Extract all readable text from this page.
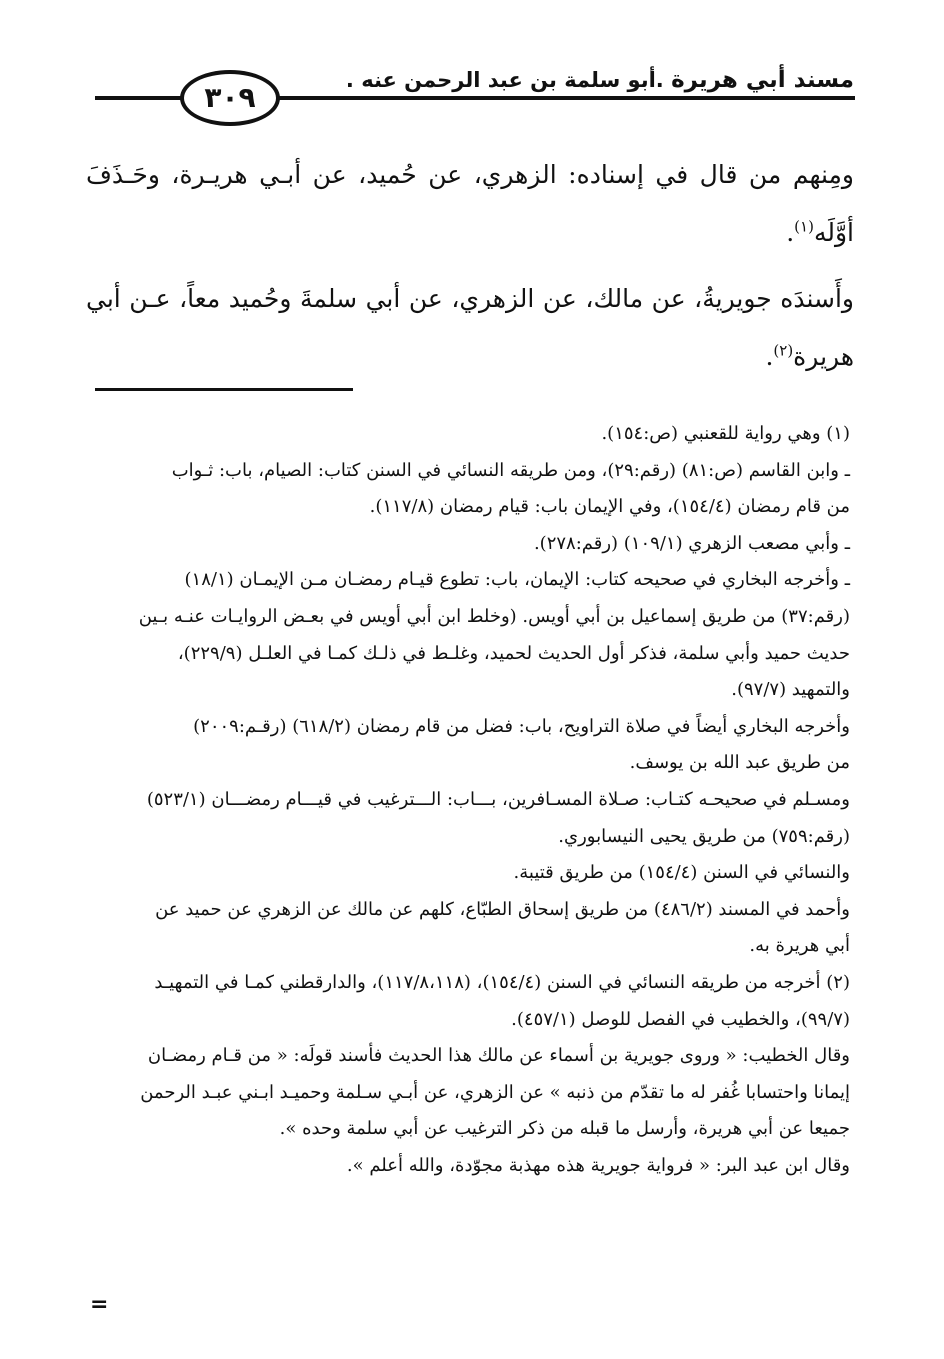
مسند أبي هريرة .أبو سلمة بن عبد الرحمن عنه .
٣٠٩

ومِنهم من قال في إسناده: الزهري، عن حُميد، عن أبـي هريـرة، وحَـذَفَ أوَّلَه$^{(١)}$.

وأَسندَه جويريةُ، عن مالك، عن الزهري، عن أبي سلمةَ وحُميد معاً، عـن أبي هريرة$^{(٢)}$.

(١) وهي رواية للقعنبي (ص:١٥٤).

ـ وابن القاسم (ص:٨١) (رقم:٢٩)، ومن طريقه النسائي في السنن كتاب: الصيام، باب: ثـواب

من قام رمضان (١٥٤/٤)، وفي الإيمان باب: قيام رمضان (١١٧/٨).

ـ وأبي مصعب الزهري (١٠٩/١) (رقم:٢٧٨).

ـ وأخرجه البخاري في صحيحه كتاب: الإيمان، باب: تطوع قيـام رمضـان مـن الإيمـان (١٨/١)

(رقم:٣٧) من طريق إسماعيل بن أبي أويس. (وخلط ابن أبي أويس في بعـض الروايـات عنـه بـين

حديث حميد وأبي سلمة، فذكر أول الحديث لحميد، وغلـط في ذلـك كمـا في العلـل (٢٢٩/٩)،

والتمهيد (٩٧/٧).

وأخرجه البخاري أيضاً في صلاة التراويح، باب: فضل من قام رمضان (٦١٨/٢) (رقـم:٢٠٠٩)

من طريق عبد الله بن يوسف.

ومسـلم في صحيحـه كتـاب: صـلاة المسـافرين، بـــاب: الـــترغيب في قيـــام رمضـــان (٥٢٣/١)

(رقم:٧٥٩) من طريق يحيى النيسابوري.

والنسائي في السنن (١٥٤/٤) من طريق قتيبة.

وأحمد في المسند (٤٨٦/٢) من طريق إسحاق الطبّاع، كلهم عن مالك عن الزهري عن حميد عن

أبي هريرة به.

(٢) أخرجه من طريقه النسائي في السنن (١٥٤/٤)، (١١٧/٨،١١٨)، والدارقطني كمـا في التمهيـد

(٩٩/٧)، والخطيب في الفصل للوصل (٤٥٧/١).

وقال الخطيب: « وروى جويرية بن أسماء عن مالك هذا الحديث فأسند قولَه: « من قـام رمضـان

إيمانا واحتسابا غُفر له ما تقدّم من ذنبه » عن الزهري، عن أبـي سـلمة وحميـد ابـني عبـد الرحمن

جميعا عن أبي هريرة، وأرسل ما قبله من ذكر الترغيب عن أبي سلمة وحده ».

وقال ابن عبد البر: « فرواية جويرية هذه مهذبة مجوّدة، والله أعلم ».

=
